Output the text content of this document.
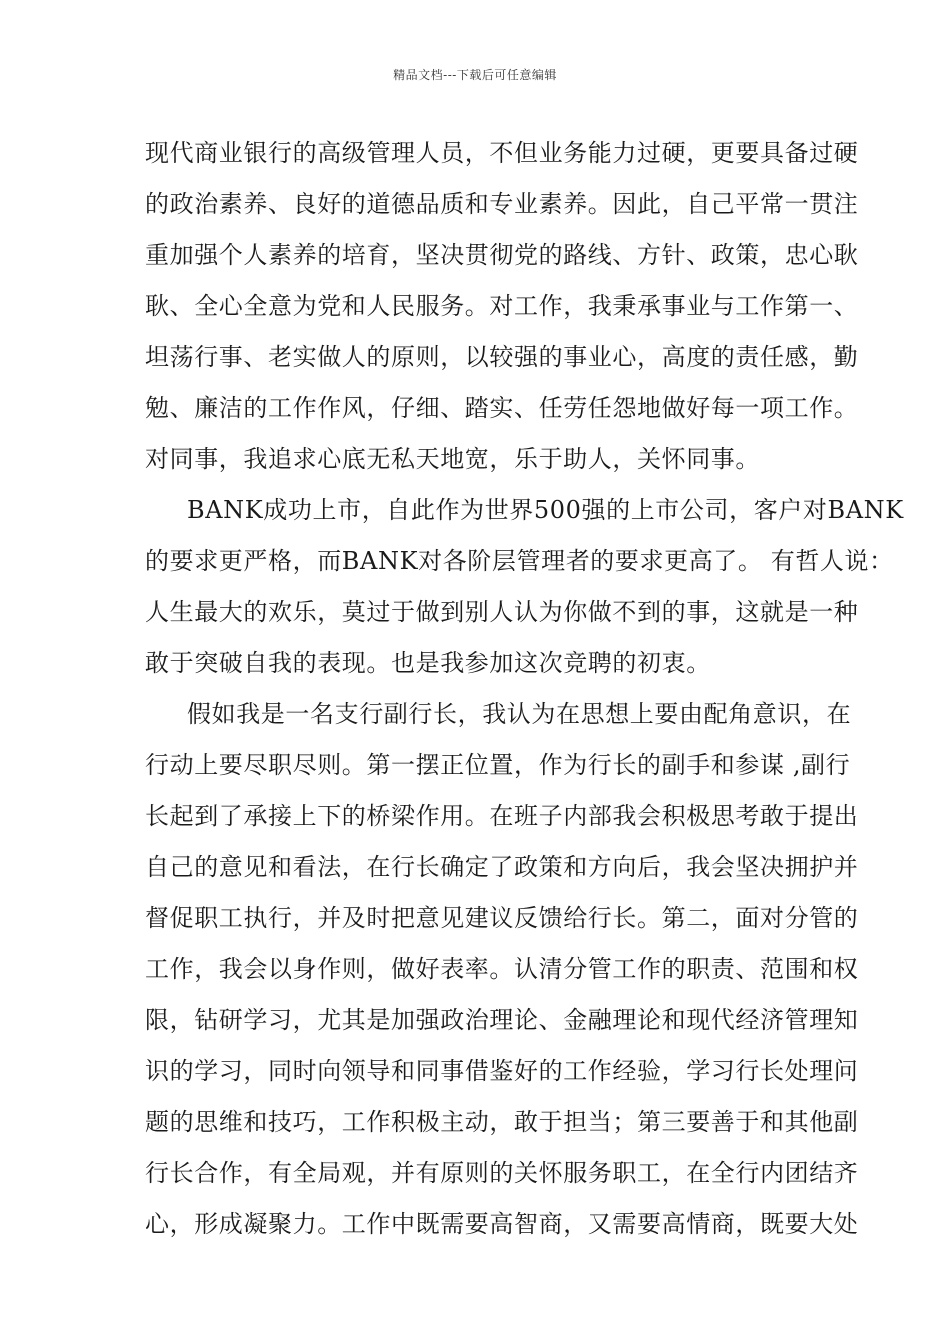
精品文档---下载后可任意编辑
现代商业银行的高级管理人员，不但业务能力过硬，更要具备过硬
的政治素养、良好的道德品质和专业素养。因此，自己平常一贯注
重加强个人素养的培育，坚决贯彻党的路线、方针、政策，忠心耿
耿、全心全意为党和人民服务。对工作，我秉承事业与工作第一、
坦荡行事、老实做人的原则，以较强的事业心，高度的责任感，勤
勉、廉洁的工作作风，仔细、踏实、任劳任怨地做好每一项工作。
对同事，我追求心底无私天地宽，乐于助人，关怀同事。
BANK成功上市，自此作为世界500强的上市公司，客户对BANK
的要求更严格，而BANK对各阶层管理者的要求更高了。 有哲人说：
人生最大的欢乐，莫过于做到别人认为你做不到的事，这就是一种
敢于突破自我的表现。也是我参加这次竞聘的初衷。
假如我是一名支行副行长，我认为在思想上要由配角意识，在
行动上要尽职尽则。第一摆正位置，作为行长的副手和参谋 ,副行
长起到了承接上下的桥梁作用。在班子内部我会积极思考敢于提出
自己的意见和看法，在行长确定了政策和方向后，我会坚决拥护并
督促职工执行，并及时把意见建议反馈给行长。第二，面对分管的
工作，我会以身作则，做好表率。认清分管工作的职责、范围和权
限，钻研学习，尤其是加强政治理论、金融理论和现代经济管理知
识的学习，同时向领导和同事借鉴好的工作经验，学习行长处理问
题的思维和技巧，工作积极主动，敢于担当；第三要善于和其他副
行长合作，有全局观，并有原则的关怀服务职工，在全行内团结齐
心，形成凝聚力。工作中既需要高智商，又需要高情商，既要大处
